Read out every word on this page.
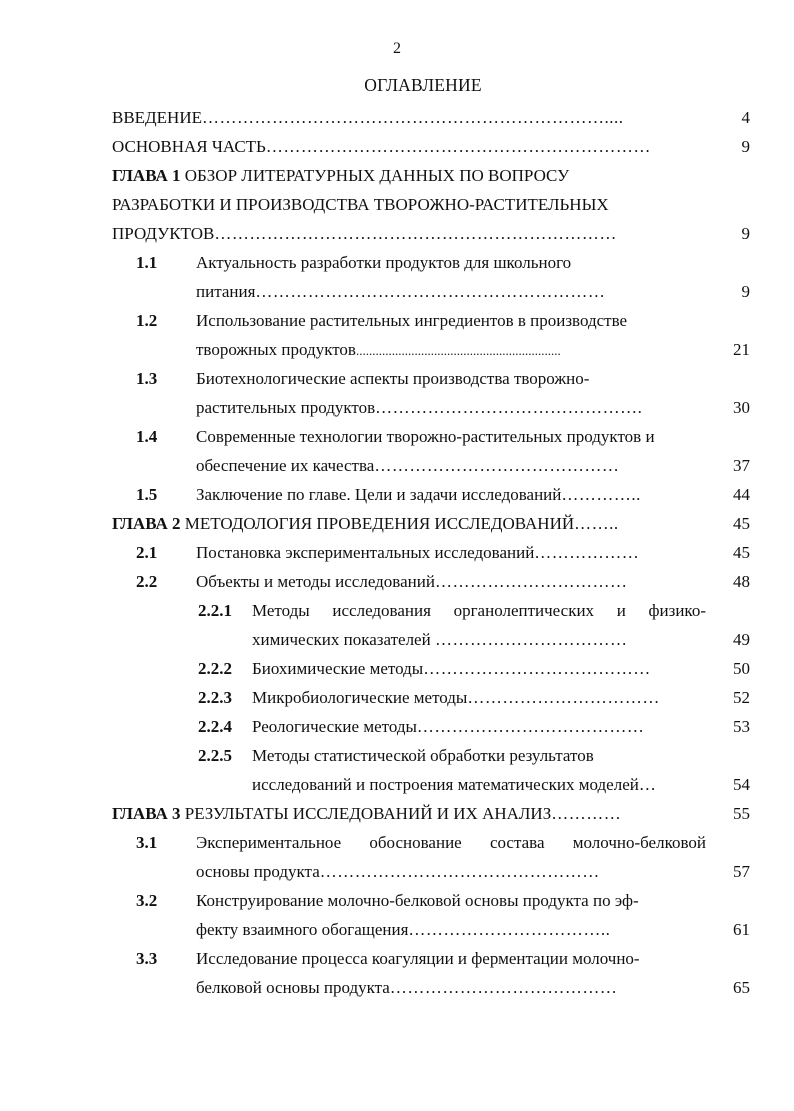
2
ОГЛАВЛЕНИЕ
ВВЕДЕНИЕ……………………………………………………………....	4
ОСНОВНАЯ ЧАСТЬ…………………………………………………………	9
ГЛАВА 1 ОБЗОР ЛИТЕРАТУРНЫХ ДАННЫХ ПО ВОПРОСУ
РАЗРАБОТКИ И ПРОИЗВОДСТВА ТВОРОЖНО-РАСТИТЕЛЬНЫХ
ПРОДУКТОВ……………………………………………………………	9
1.1 Актуальность разработки продуктов для школьного
питания……………………………………………………	9
1.2 Использование растительных ингредиентов в производстве
творожных продуктов...............................................................	21
1.3 Биотехнологические аспекты производства творожно-
растительных продуктов……………………………………….	30
1.4 Современные технологии творожно-растительных продуктов и
обеспечение их качества……………………………………	37
1.5 Заключение по главе. Цели и задачи исследований…………..	44
ГЛАВА 2 МЕТОДОЛОГИЯ ПРОВЕДЕНИЯ ИССЛЕДОВАНИЙ……..	45
2.1 Постановка экспериментальных исследований………………	45
2.2 Объекты и методы исследований……………………………	48
2.2.1 Методы исследования органолептических и физико-
химических показателей ……………………………	49
2.2.2 Биохимические методы…………………………………	50
2.2.3 Микробиологические методы……………………………	52
2.2.4 Реологические методы…………………………………	53
2.2.5 Методы статистической обработки результатов
исследований и построения математических моделей…	54
ГЛАВА 3 РЕЗУЛЬТАТЫ ИССЛЕДОВАНИЙ И ИХ АНАЛИЗ…………	55
3.1 Экспериментальное обоснование состава молочно-белковой
основы продукта…………………………………………	57
3.2 Конструирование молочно-белковой основы продукта по эф-
фекту взаимного обогащения……………………………..	61
3.3 Исследование процесса коагуляции и ферментации молочно-
белковой основы продукта…………………………………	65
